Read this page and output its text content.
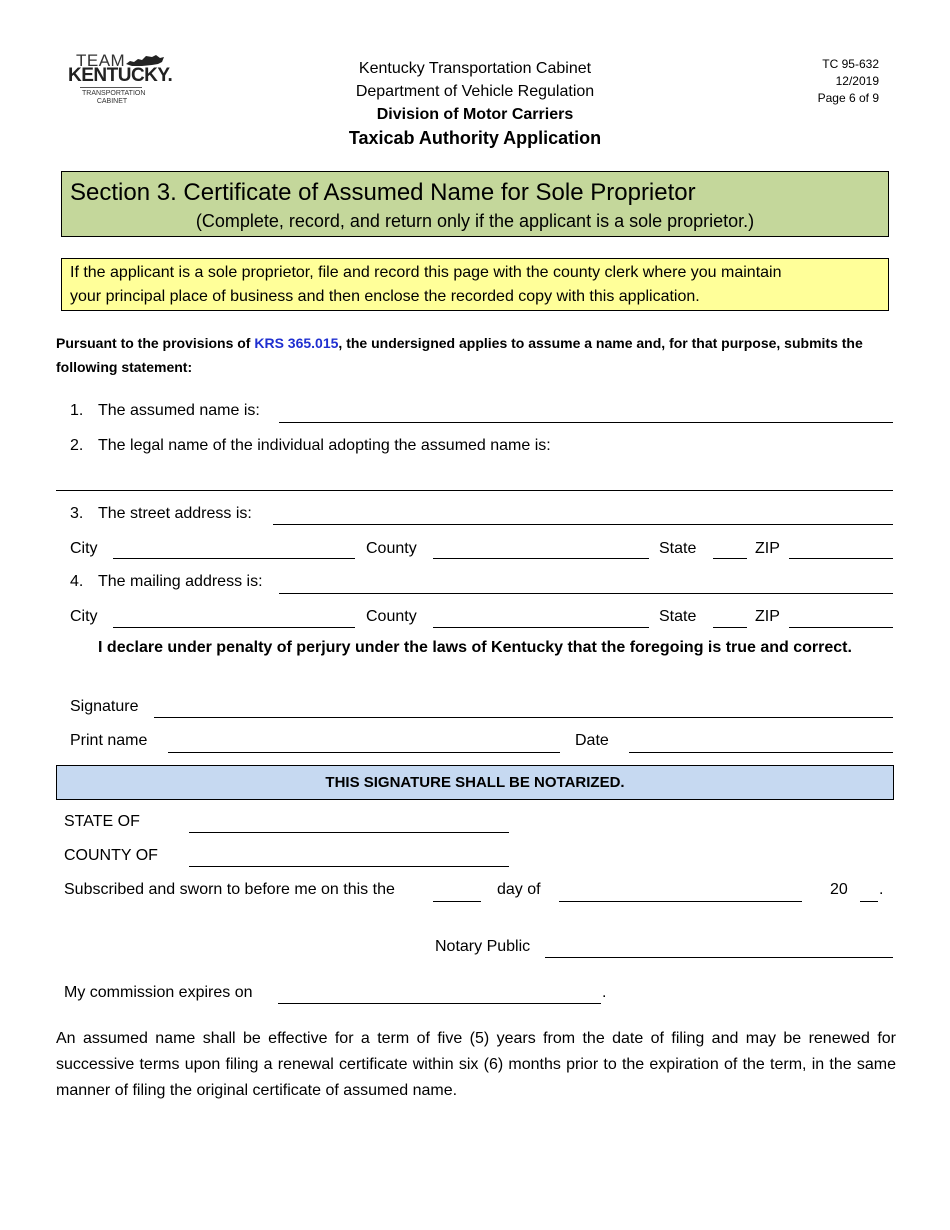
TEAM
KENTUCKY.
TRANSPORTATION CABINET
Kentucky Transportation Cabinet
Department of Vehicle Regulation
Division of Motor Carriers
Taxicab Authority Application
TC 95-632
12/2019
Page 6 of 9
Section 3. Certificate of Assumed Name for Sole Proprietor
(Complete, record, and return only if the applicant is a sole proprietor.)
If the applicant is a sole proprietor, file and record this page with the county clerk where you maintain
your principal place of business and then enclose the recorded copy with this application.
Pursuant to the provisions of KRS 365.015, the undersigned applies to assume a name and, for that purpose, submits the following statement:
1. The assumed name is:
2. The legal name of the individual adopting the assumed name is:
3. The street address is:
City	County	State	ZIP
4. The mailing address is:
City	County	State	ZIP
I declare under penalty of perjury under the laws of Kentucky that the foregoing is true and correct.
Signature
Print name	Date
THIS SIGNATURE SHALL BE NOTARIZED.
STATE OF
COUNTY OF
Subscribed and sworn to before me on this the	day of	20 .
Notary Public
My commission expires on	.
An assumed name shall be effective for a term of five (5) years from the date of filing and may be renewed for successive terms upon filing a renewal certificate within six (6) months prior to the expiration of the term, in the same manner of filing the original certificate of assumed name.
